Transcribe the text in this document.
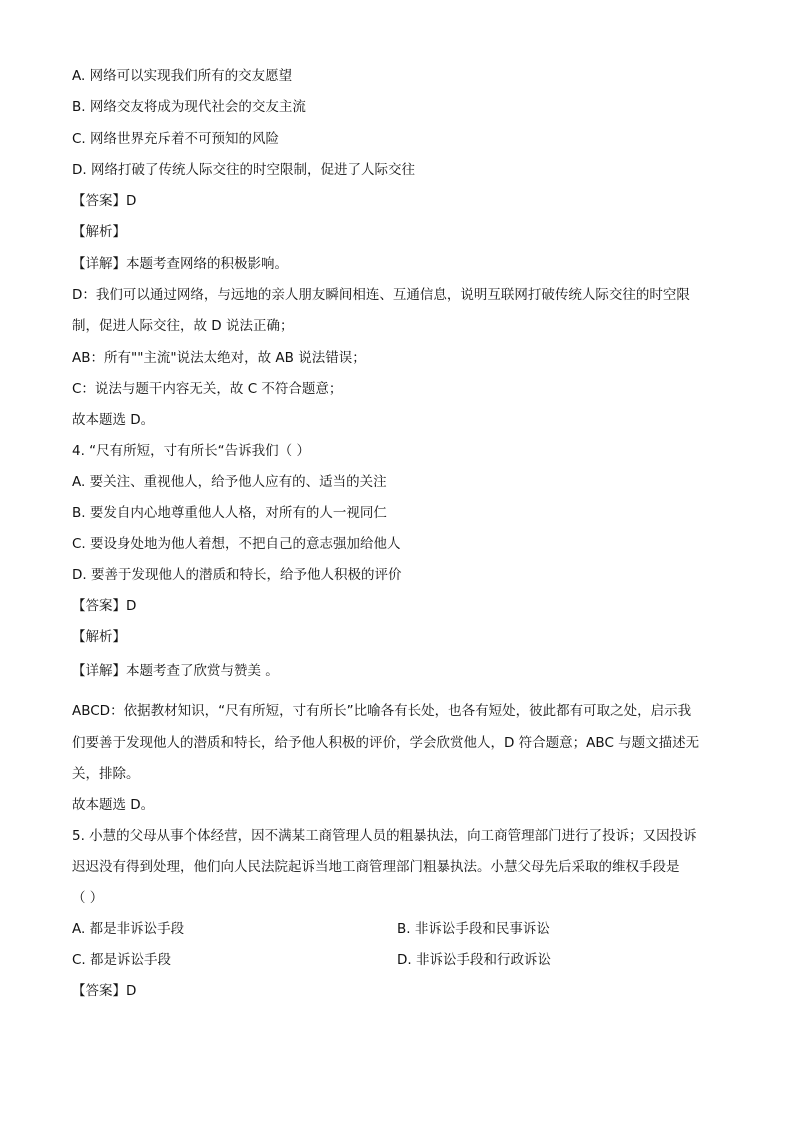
A. 网络可以实现我们所有的交友愿望
B. 网络交友将成为现代社会的交友主流
C. 网络世界充斥着不可预知的风险
D. 网络打破了传统人际交往的时空限制，促进了人际交往
【答案】D
【解析】
【详解】本题考查网络的积极影响。
D：我们可以通过网络，与远地的亲人朋友瞬间相连、互通信息，说明互联网打破传统人际交往的时空限
制，促进人际交往，故 D 说法正确；
AB：所有""主流"说法太绝对，故 AB 说法错误；
C：说法与题干内容无关，故 C 不符合题意；
故本题选 D。
4. “尺有所短，寸有所长“告诉我们（ ）
A. 要关注、重视他人，给予他人应有的、适当的关注
B. 要发自内心地尊重他人人格，对所有的人一视同仁
C. 要设身处地为他人着想，不把自己的意志强加给他人
D. 要善于发现他人的潜质和特长，给予他人积极的评价
【答案】D
【解析】
【详解】本题考查了欣赏与赞美 。
ABCD：依据教材知识，“尺有所短，寸有所长”比喻各有长处，也各有短处，彼此都有可取之处，启示我
们要善于发现他人的潜质和特长，给予他人积极的评价，学会欣赏他人，D 符合题意；ABC 与题文描述无
关，排除。
故本题选 D。
5. 小慧的父母从事个体经营，因不满某工商管理人员的粗暴执法，向工商管理部门进行了投诉；又因投诉
迟迟没有得到处理，他们向人民法院起诉当地工商管理部门粗暴执法。小慧父母先后采取的维权手段是
（ ）
A. 都是非诉讼手段	B. 非诉讼手段和民事诉讼
C. 都是诉讼手段	D. 非诉讼手段和行政诉讼
【答案】D
